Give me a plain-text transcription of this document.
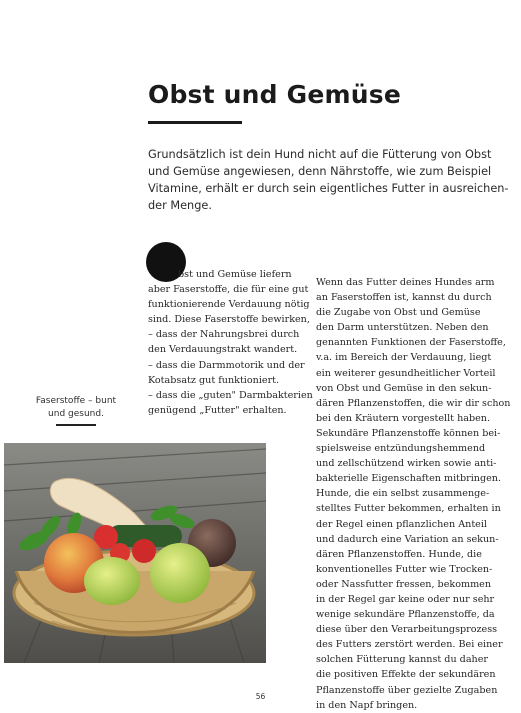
Obst und Gemüse
Grundsätzlich ist dein Hund nicht auf die Fütterung von Obst
und Gemüse angewiesen, denn Nährstoffe, wie zum Beispiel
Vitamine, erhält er durch sein eigentliches Futter in ausreichen-
der Menge.
bst und Gemüse liefern
aber Faserstoffe, die für eine gut
funktionierende Verdauung nötig
sind. Diese Faserstoffe bewirken,
– dass der Nahrungsbrei durch
den Verdauungstrakt wandert.
– dass die Darmmotorik und der
Kotabsatz gut funktioniert.
– dass die „guten" Darmbakterien
genügend „Futter" erhalten.
Wenn das Futter deines Hundes arm
an Faserstoffen ist, kannst du durch
die Zugabe von Obst und Gemüse
den Darm unterstützen. Neben den
genannten Funktionen der Faserstoffe,
v.a. im Bereich der Verdauung, liegt
ein weiterer gesundheitlicher Vorteil
von Obst und Gemüse in den sekun-
dären Pflanzenstoffen, die wir dir schon
bei den Kräutern vorgestellt haben.
Sekundäre Pflanzenstoffe können bei-
spielsweise entzündungshemmend
und zellschützend wirken sowie anti-
bakterielle Eigenschaften mitbringen.
Hunde, die ein selbst zusammenge-
stelltes Futter bekommen, erhalten in
der Regel einen pflanzlichen Anteil
und dadurch eine Variation an sekun-
dären Pflanzenstoffen. Hunde, die
konventionelles Futter wie Trocken-
oder Nassfutter fressen, bekommen
in der Regel gar keine oder nur sehr
wenige sekundäre Pflanzenstoffe, da
diese über den Verarbeitungsprozess
des Futters zerstört werden. Bei einer
solchen Fütterung kannst du daher
die positiven Effekte der sekundären
Pflanzenstoffe über gezielte Zugaben
in den Napf bringen.
Faserstoffe – bunt
und gesund.
56
